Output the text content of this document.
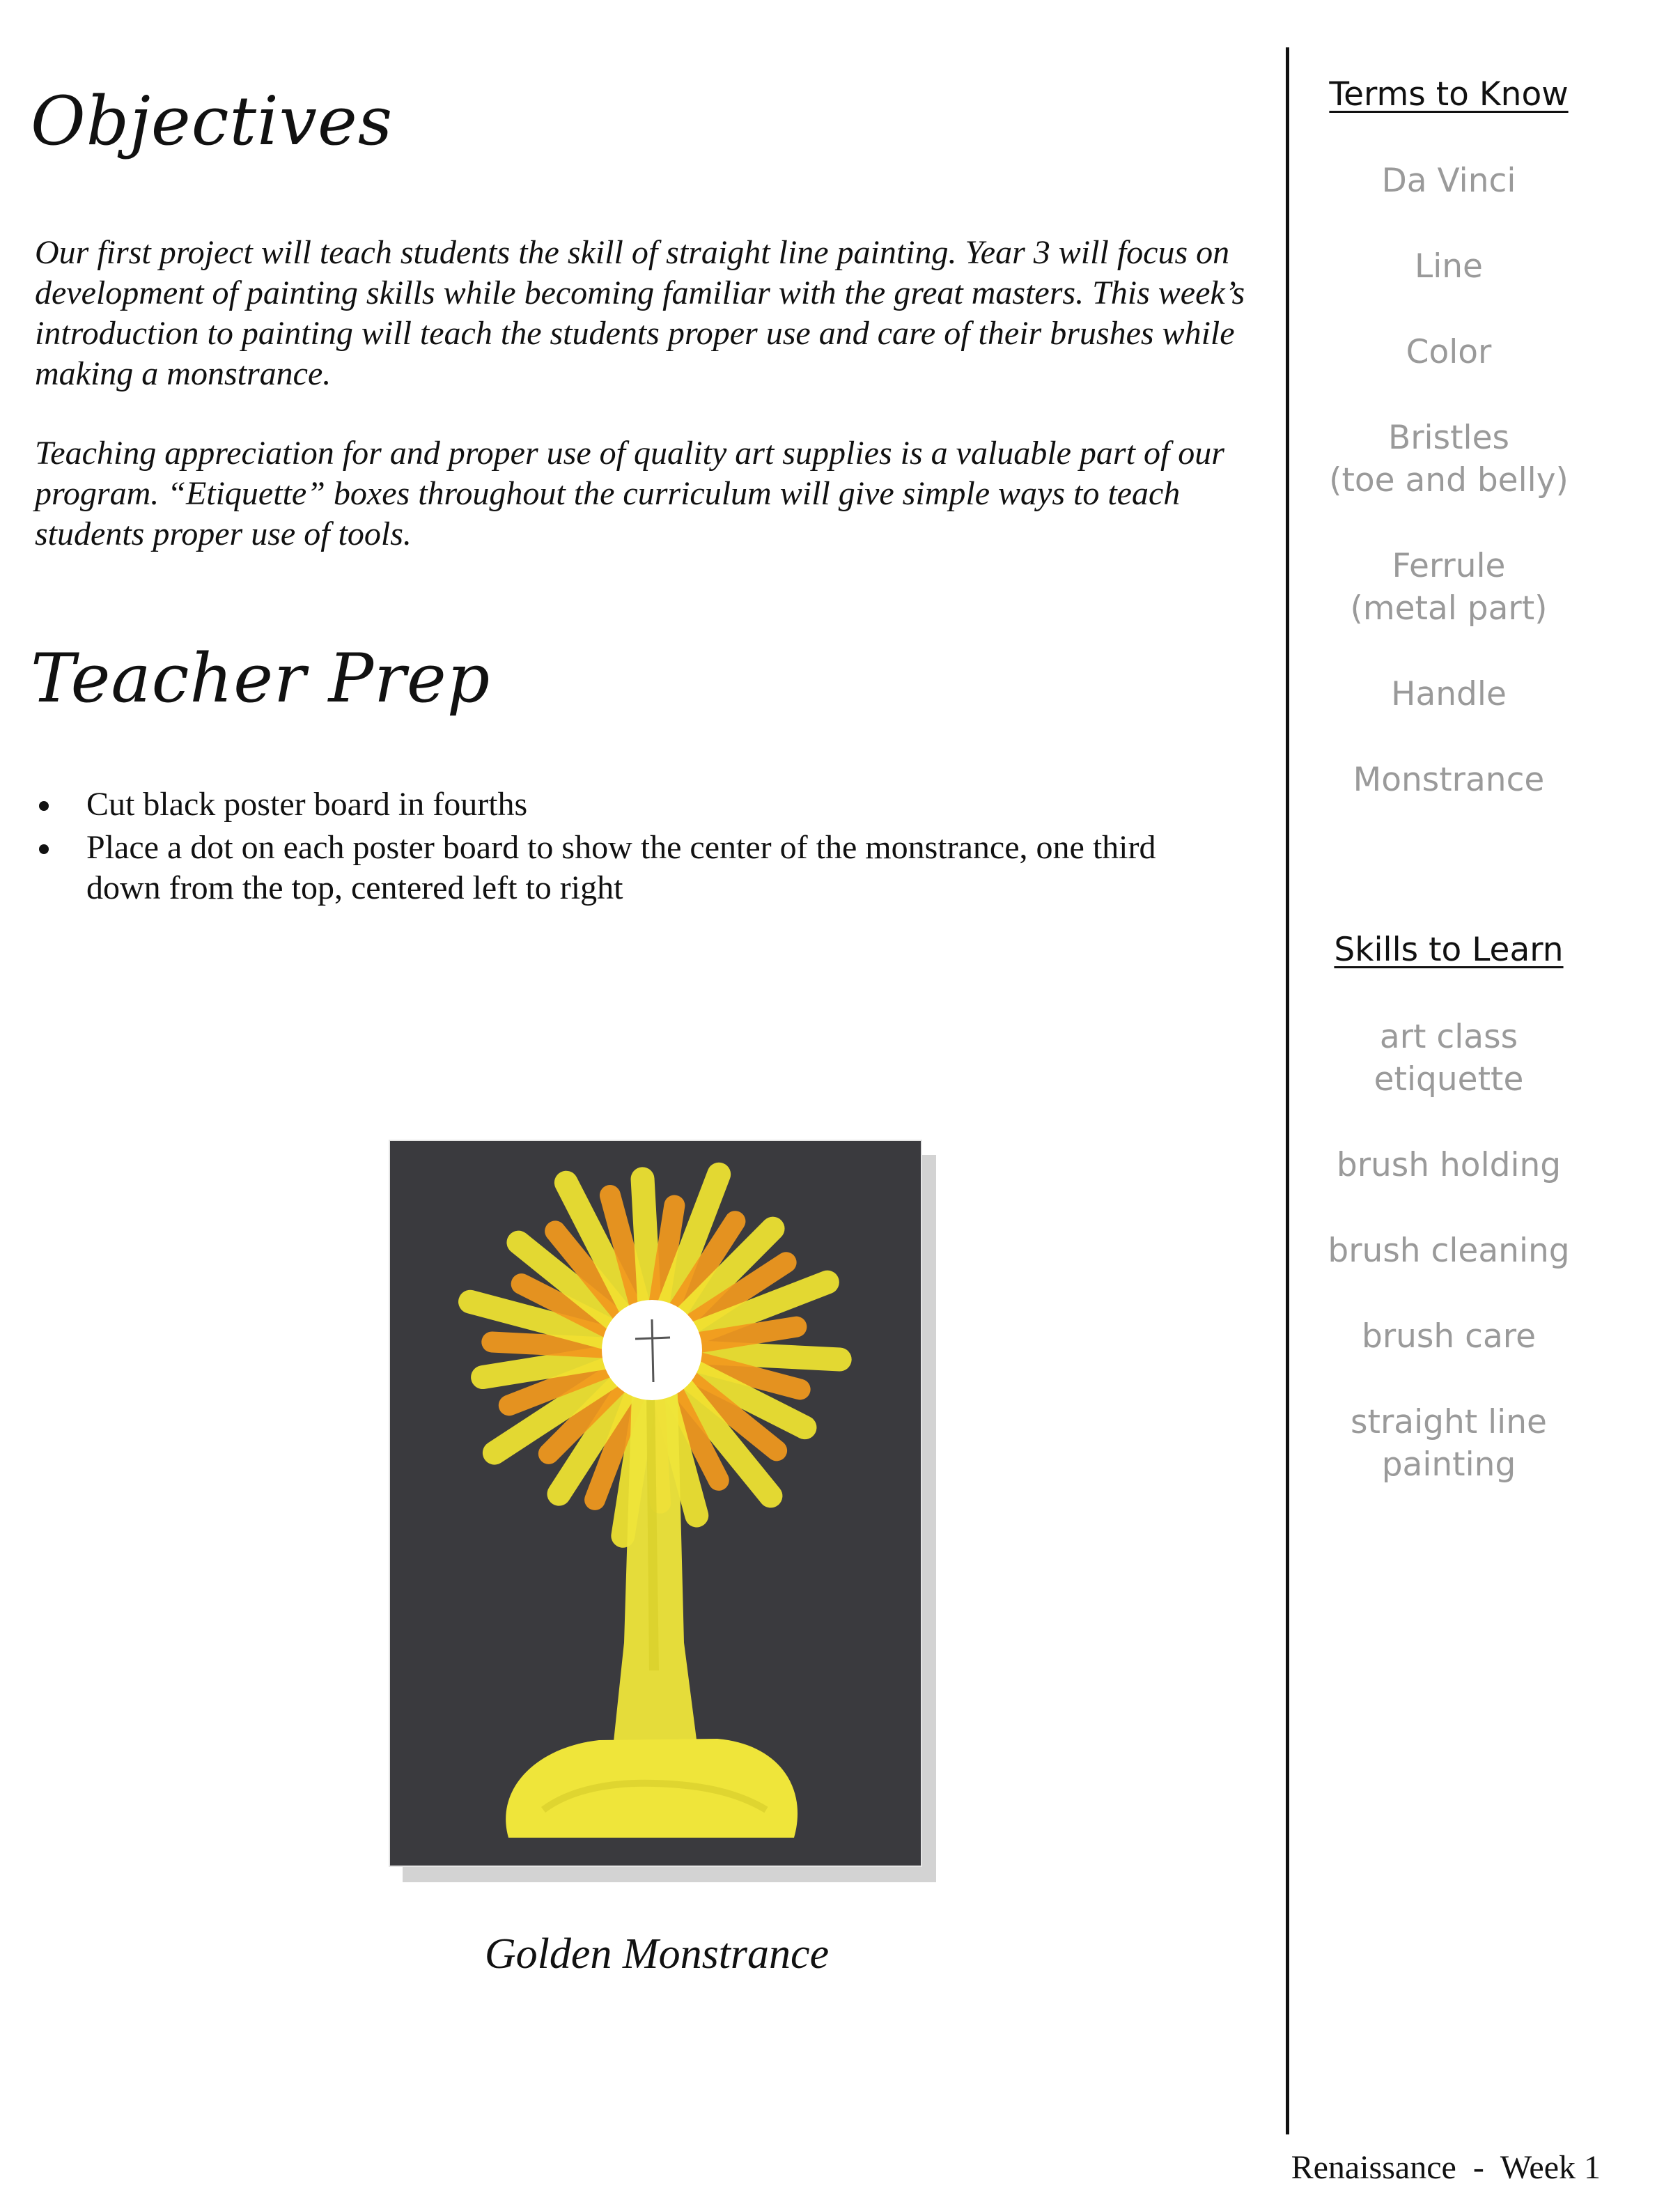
Objectives
Our first project will teach students the skill of straight line painting. Year 3 will focus on development of painting skills while becoming familiar with the great masters. This week’s introduction to painting will teach the students proper use and care of their brushes while making a monstrance.
Teaching appreciation for and proper use of quality art supplies is a valuable part of our program. “Etiquette” boxes throughout the curriculum will give simple ways to teach students proper use of tools.
Teacher Prep
Cut black poster board in fourths
Place a dot on each poster board to show the center of the monstrance, one third down from the top, centered left to right
Golden Monstrance
Terms to Know
Da Vinci
Line
Color
Bristles
(toe and belly)
Ferrule
(metal part)
Handle
Monstrance
Skills to Learn
art class
etiquette
brush holding
brush cleaning
brush care
straight line
painting
Renaissance  -  Week 1
